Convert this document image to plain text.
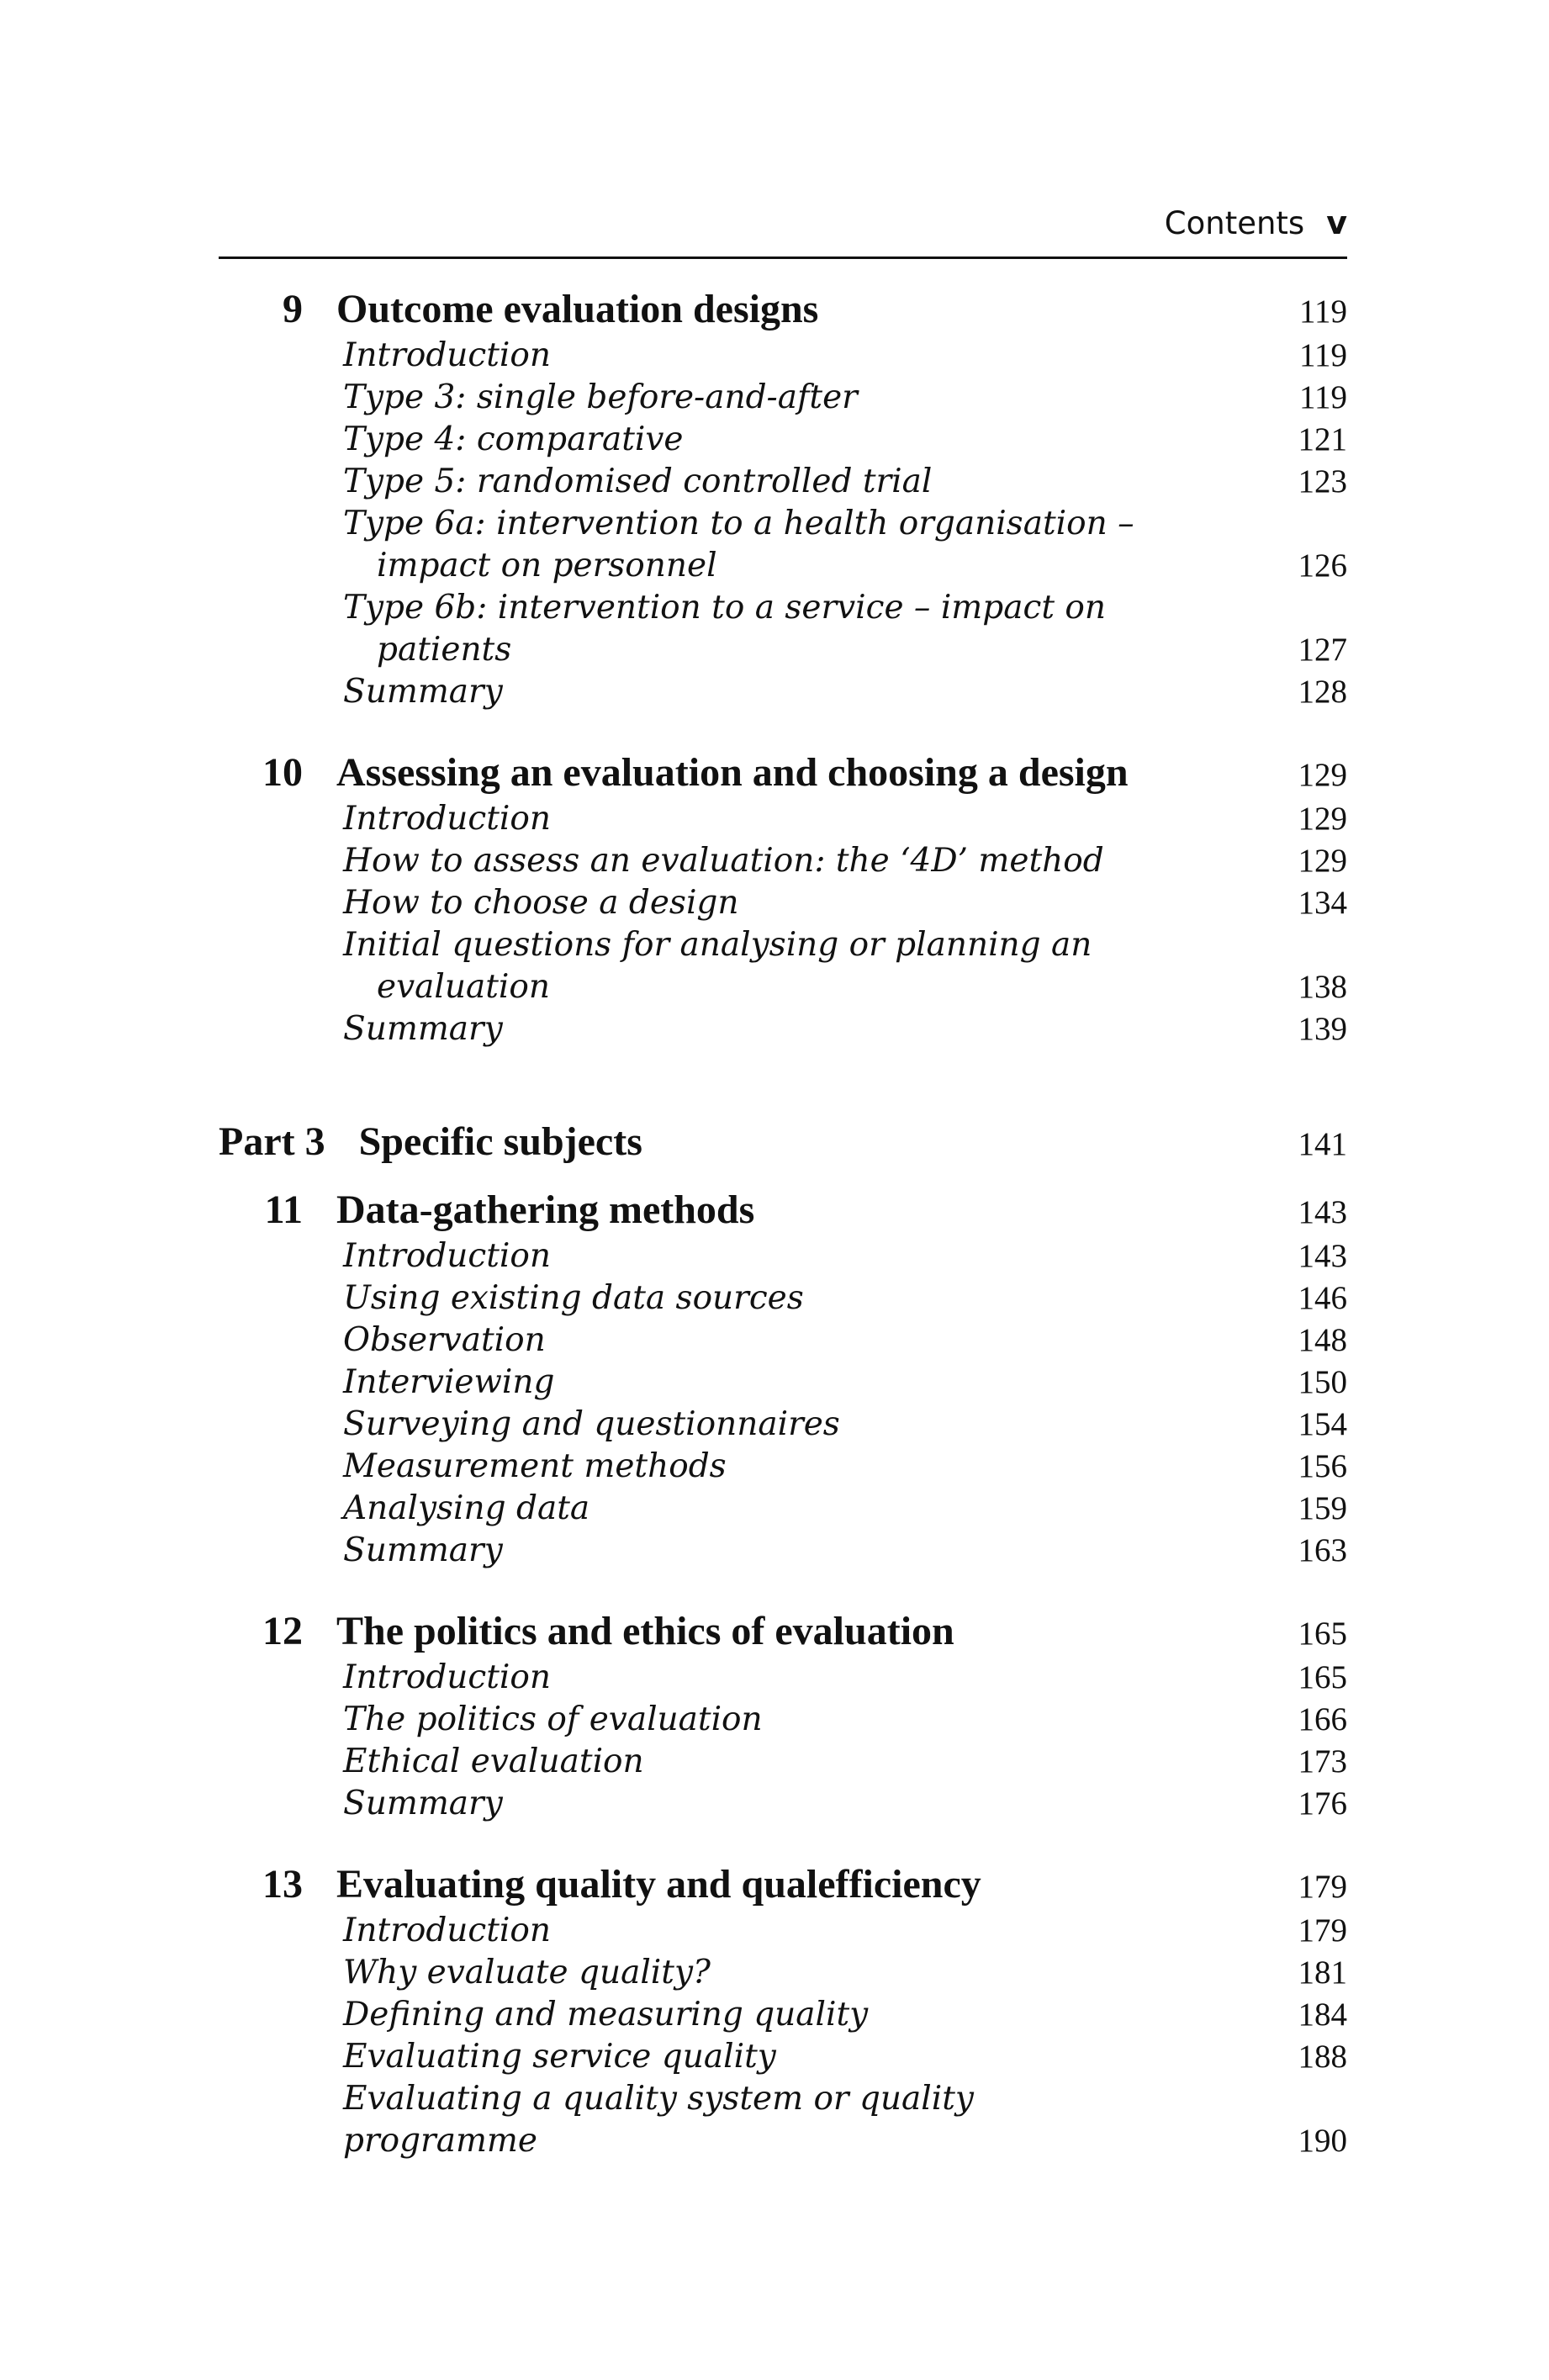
Contents v
9 Outcome evaluation designs	119
Introduction	119
Type 3: single before-and-after	119
Type 4: comparative	121
Type 5: randomised controlled trial	123
Type 6a: intervention to a health organisation –
impact on personnel	126
Type 6b: intervention to a service – impact on
patients	127
Summary	128
10 Assessing an evaluation and choosing a design	129
Introduction	129
How to assess an evaluation: the ‘4D’ method	129
How to choose a design	134
Initial questions for analysing or planning an
evaluation	138
Summary	139
Part 3 Specific subjects	141
11 Data-gathering methods	143
Introduction	143
Using existing data sources	146
Observation	148
Interviewing	150
Surveying and questionnaires	154
Measurement methods	156
Analysing data	159
Summary	163
12 The politics and ethics of evaluation	165
Introduction	165
The politics of evaluation	166
Ethical evaluation	173
Summary	176
13 Evaluating quality and qualefficiency	179
Introduction	179
Why evaluate quality?	181
Defining and measuring quality	184
Evaluating service quality	188
Evaluating a quality system or quality programme	190
